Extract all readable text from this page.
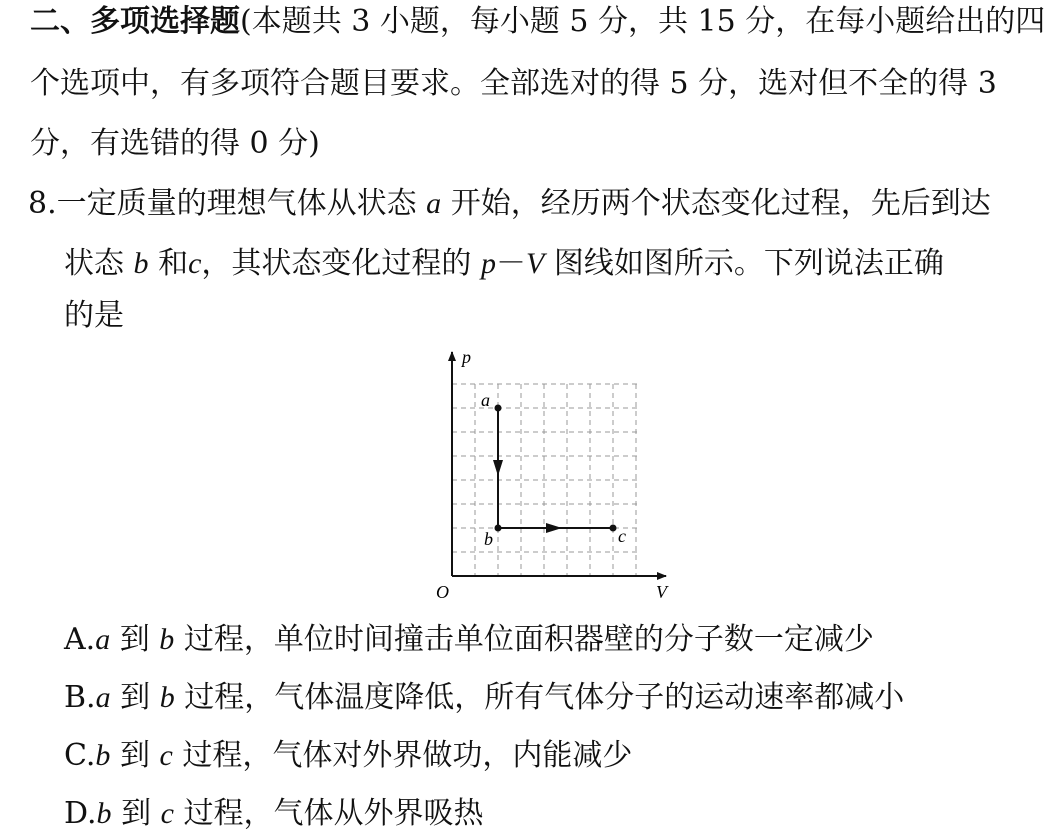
二、多项选择题(本题共 3 小题，每小题 5 分，共 15 分，在每小题给出的四
个选项中，有多项符合题目要求。全部选对的得 5 分，选对但不全的得 3
分，有选错的得 0 分)
8.一定质量的理想气体从状态 a 开始，经历两个状态变化过程，先后到达
状态 b 和c，其状态变化过程的 p－V 图线如图所示。下列说法正确
的是
p
V
O
a
b	c
A.a 到 b 过程，单位时间撞击单位面积器壁的分子数一定减少
B.a 到 b 过程，气体温度降低，所有气体分子的运动速率都减小
C.b 到 c 过程，气体对外界做功，内能减少
D.b 到 c 过程，气体从外界吸热
